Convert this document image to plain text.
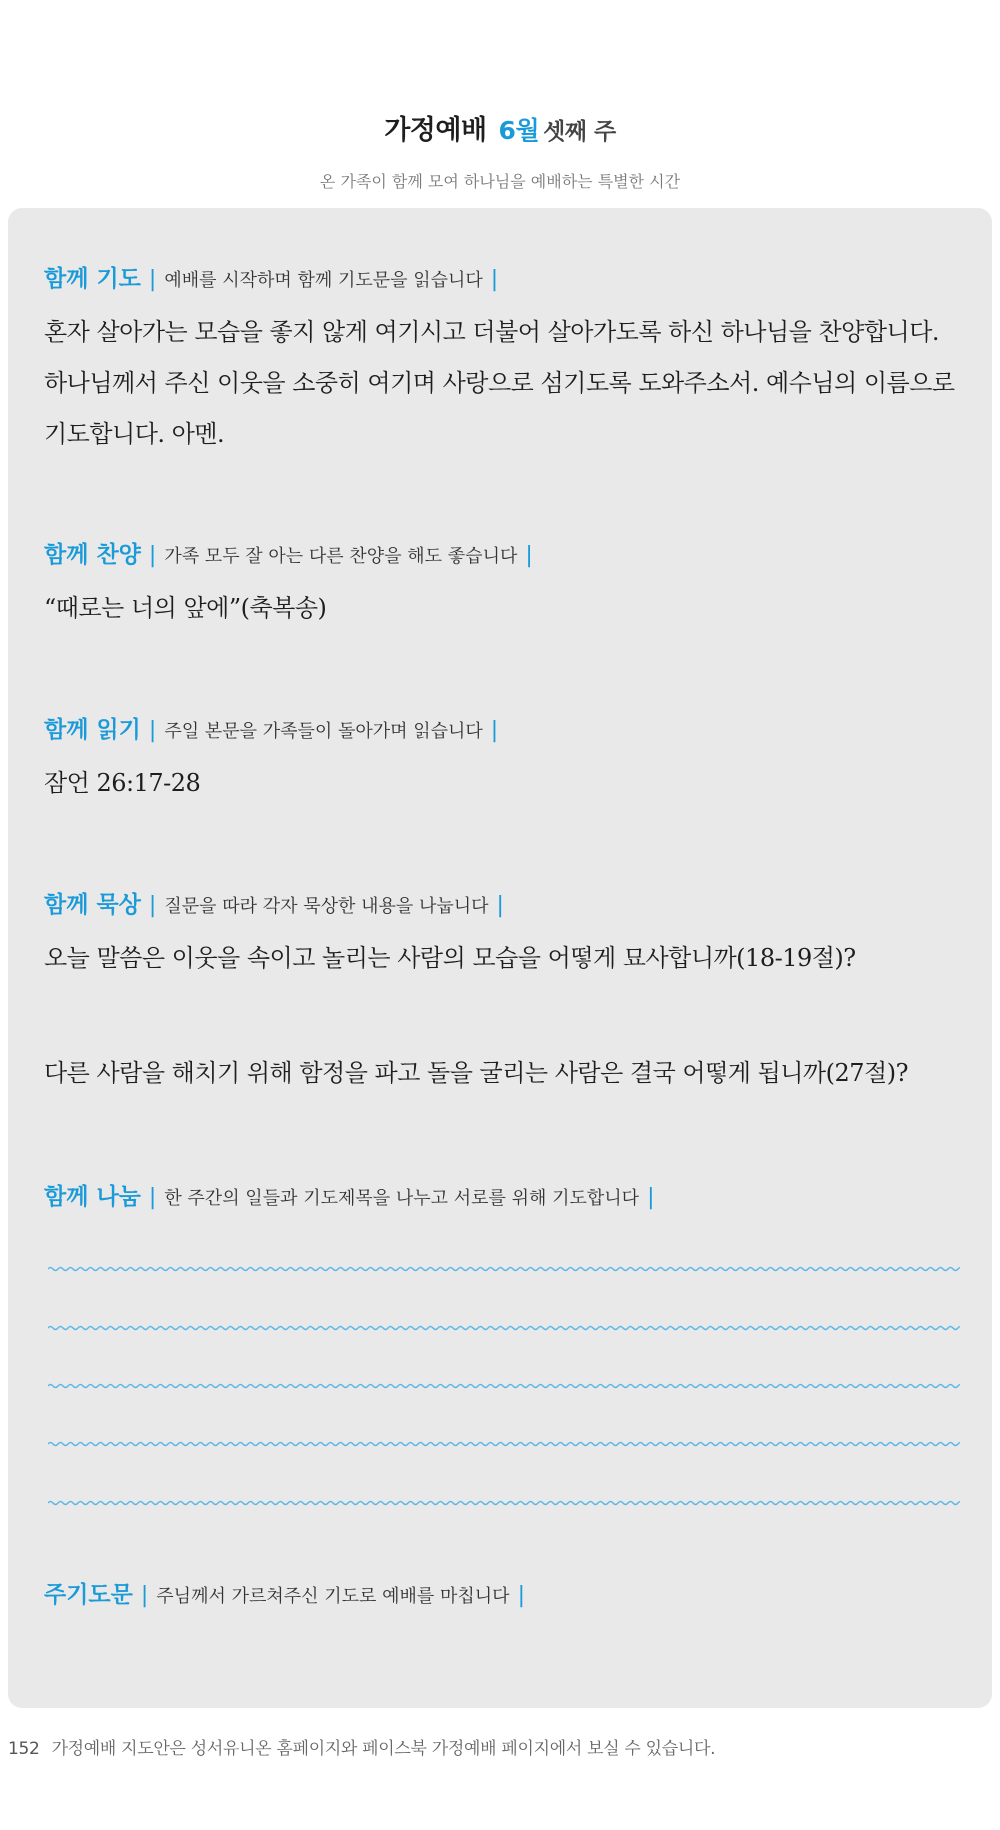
가정예배 6월 셋째 주
온 가족이 함께 모여 하나님을 예배하는 특별한 시간
함께 기도 | 예배를 시작하며 함께 기도문을 읽습니다 |
혼자 살아가는 모습을 좋지 않게 여기시고 더불어 살아가도록 하신 하나님을 찬양합니다. 하나님께서 주신 이웃을 소중히 여기며 사랑으로 섬기도록 도와주소서. 예수님의 이름으로 기도합니다. 아멘.
함께 찬양 | 가족 모두 잘 아는 다른 찬양을 해도 좋습니다 |
“때로는 너의 앞에”(축복송)
함께 읽기 | 주일 본문을 가족들이 돌아가며 읽습니다 |
잠언 26:17-28
함께 묵상 | 질문을 따라 각자 묵상한 내용을 나눕니다 |
오늘 말씀은 이웃을 속이고 놀리는 사람의 모습을 어떻게 묘사합니까(18-19절)?
다른 사람을 해치기 위해 함정을 파고 돌을 굴리는 사람은 결국 어떻게 됩니까(27절)?
함께 나눔 | 한 주간의 일들과 기도제목을 나누고 서로를 위해 기도합니다 |
주기도문 | 주님께서 가르쳐주신 기도로 예배를 마칩니다 |
152 가정예배 지도안은 성서유니온 홈페이지와 페이스북 가정예배 페이지에서 보실 수 있습니다.
